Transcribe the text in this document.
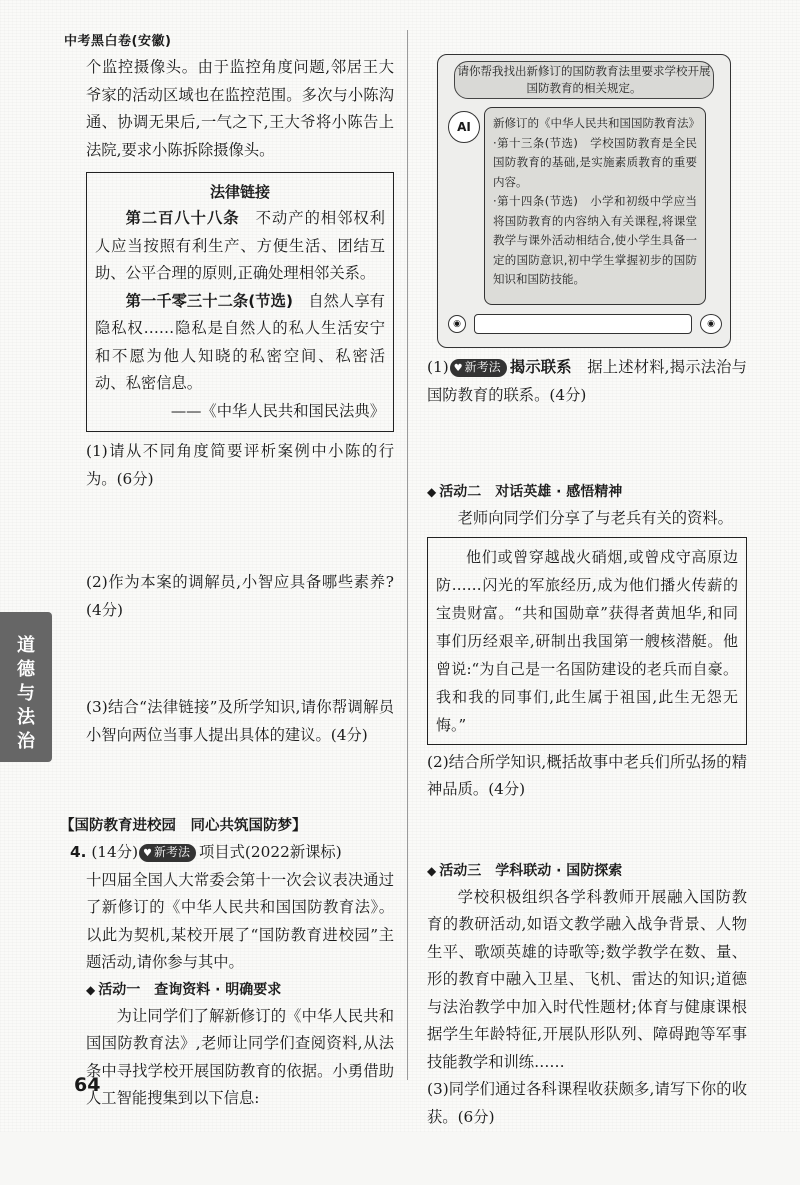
中考黑白卷(安徽)
道德与法治

个监控摄像头。由于监控角度问题,邻居王大爷家的活动区域也在监控范围。多次与小陈沟通、协调无果后,一气之下,王大爷将小陈告上法院,要求小陈拆除摄像头。

法律链接

第二百八十八条　 不动产的相邻权利人应当按照有利生产、方便生活、团结互助、公平合理的原则,正确处理相邻关系。

第一千零三十二条(节选)　 自然人享有隐私权……隐私是自然人的私人生活安宁和不愿为他人知晓的私密空间、私密活动、私密信息。

——《中华人民共和国民法典》

(1)请从不同角度简要评析案例中小陈的行为。(6分)

(2)作为本案的调解员,小智应具备哪些素养?(4分)

(3)结合“法律链接”及所学知识,请你帮调解员小智向两位当事人提出具体的建议。(4分)

【国防教育进校园　同心共筑国防梦】

4. (14分) ♥ 新考法 项目式(2022新课标)

十四届全国人大常委会第十一次会议表决通过了新修订的《中华人民共和国国防教育法》。以此为契机,某校开展了“国防教育进校园”主题活动,请你参与其中。

◆ 活动一　查询资料 · 明确要求

为让同学们了解新修订的《中华人民共和国国防教育法》,老师让同学们查阅资料,从法条中寻找学校开展国防教育的依据。小勇借助人工智能搜集到以下信息:

请你帮我找出新修订的国防教育法里要求学校开展国防教育的相关规定。
AI	新修订的《中华人民共和国国防教育法》
·第十三条(节选)　学校国防教育是全民国防教育的基础,是实施素质教育的重要内容。
·第十四条(节选)　小学和初级中学应当将国防教育的内容纳入有关课程,将课堂教学与课外活动相结合,使小学生具备一定的国防意识,初中学生掌握初步的国防知识和国防技能。
◉	◉

(1) ♥ 新考法 揭示联系　 据上述材料,揭示法治与国防教育的联系。(4分)

◆ 活动二　对话英雄 · 感悟精神

老师向同学们分享了与老兵有关的资料。

他们或曾穿越战火硝烟,或曾戍守高原边防……闪光的军旅经历,成为他们播火传薪的宝贵财富。“共和国勋章”获得者黄旭华,和同事们历经艰辛,研制出我国第一艘核潜艇。他曾说:“为自己是一名国防建设的老兵而自豪。我和我的同事们,此生属于祖国,此生无怨无悔。”

(2)结合所学知识,概括故事中老兵们所弘扬的精神品质。(4分)

◆ 活动三　学科联动 · 国防探索

学校积极组织各学科教师开展融入国防教育的教研活动,如语文教学融入战争背景、人物生平、歌颂英雄的诗歌等;数学教学在数、量、形的教育中融入卫星、飞机、雷达的知识;道德与法治教学中加入时代性题材;体育与健康课根据学生年龄特征,开展队形队列、障碍跑等军事技能教学和训练……

(3)同学们通过各科课程收获颇多,请写下你的收获。(6分)

64
